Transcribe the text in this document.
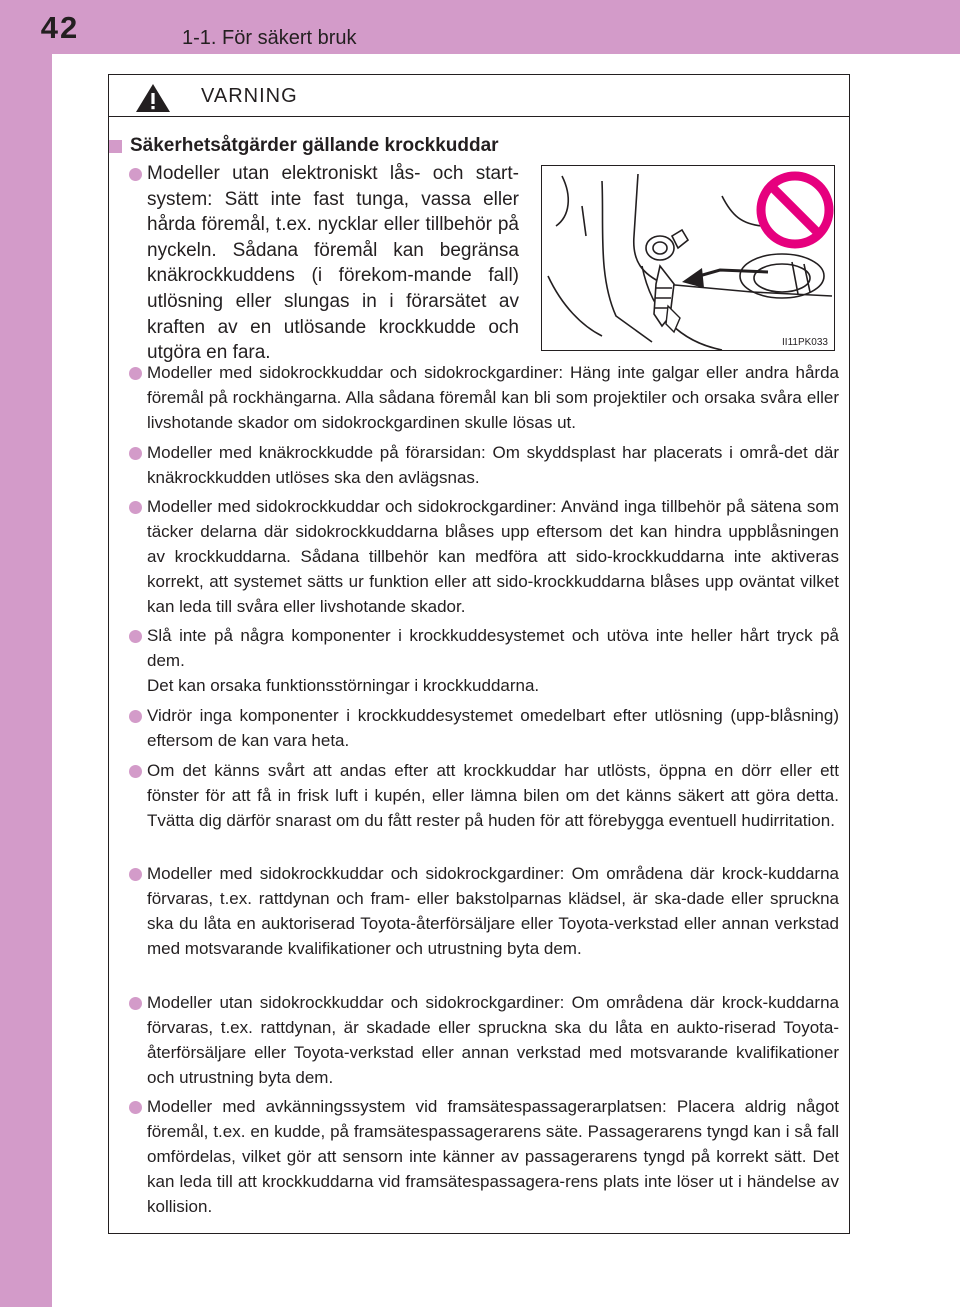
42	1-1. För säkert bruk
VARNING
Säkerhetsåtgärder gällande krockkuddar
Modeller utan elektroniskt lås- och start-system: Sätt inte fast tunga, vassa eller hårda föremål, t.ex. nycklar eller tillbehör på nyckeln. Sådana föremål kan begränsa knäkrockkuddens (i förekom-mande fall) utlösning eller slungas in i förarsätet av kraften av en utlösande krockkudde och utgöra en fara.	II11PK033
Modeller med sidokrockkuddar och sidokrockgardiner: Häng inte galgar eller andra hårda föremål på rockhängarna. Alla sådana föremål kan bli som projektiler och orsaka svåra eller livshotande skador om sidokrockgardinen skulle lösas ut.
Modeller med knäkrockkudde på förarsidan: Om skyddsplast har placerats i områ-det där knäkrockkudden utlöses ska den avlägsnas.
Modeller med sidokrockkuddar och sidokrockgardiner: Använd inga tillbehör på sätena som täcker delarna där sidokrockkuddarna blåses upp eftersom det kan hindra uppblåsningen av krockkuddarna. Sådana tillbehör kan medföra att sido-krockkuddarna inte aktiveras korrekt, att systemet sätts ur funktion eller att sido-krockkuddarna blåses upp oväntat vilket kan leda till svåra eller livshotande skador.
Slå inte på några komponenter i krockkuddesystemet och utöva inte heller hårt tryck på dem.
Det kan orsaka funktionsstörningar i krockkuddarna.
Vidrör inga komponenter i krockkuddesystemet omedelbart efter utlösning (upp-blåsning) eftersom de kan vara heta.
Om det känns svårt att andas efter att krockkuddar har utlösts, öppna en dörr eller ett fönster för att få in frisk luft i kupén, eller lämna bilen om det känns säkert att göra detta. Tvätta dig därför snarast om du fått rester på huden för att förebygga eventuell hudirritation.
Modeller med sidokrockkuddar och sidokrockgardiner: Om områdena där krock-kuddarna förvaras, t.ex. rattdynan och fram- eller bakstolparnas klädsel, är ska-dade eller spruckna ska du låta en auktoriserad Toyota-återförsäljare eller Toyota-verkstad eller annan verkstad med motsvarande kvalifikationer och utrustning byta dem.
Modeller utan sidokrockkuddar och sidokrockgardiner: Om områdena där krock-kuddarna förvaras, t.ex. rattdynan, är skadade eller spruckna ska du låta en aukto-riserad Toyota-återförsäljare eller Toyota-verkstad eller annan verkstad med motsvarande kvalifikationer och utrustning byta dem.
Modeller med avkänningssystem vid framsätespassagerarplatsen: Placera aldrig något föremål, t.ex. en kudde, på framsätespassagerarens säte. Passagerarens tyngd kan i så fall omfördelas, vilket gör att sensorn inte känner av passagerarens tyngd på korrekt sätt. Det kan leda till att krockkuddarna vid framsätespassagera-rens plats inte löser ut i händelse av kollision.
